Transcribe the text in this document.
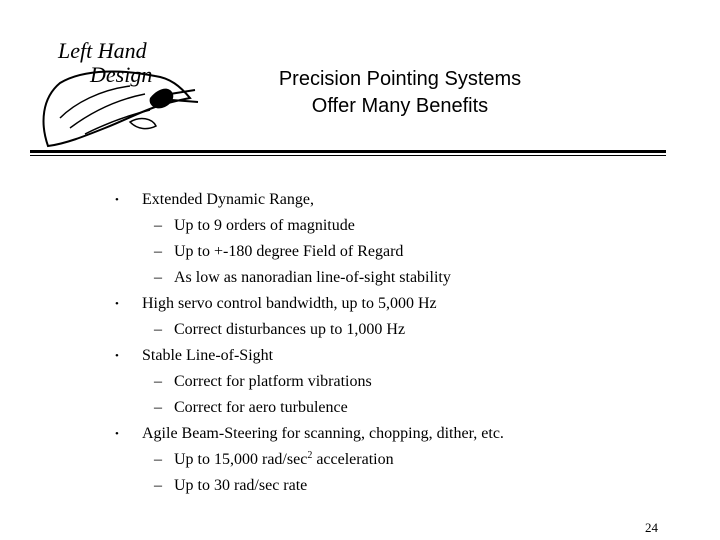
Left Hand
Design	Precision Pointing Systems
Offer Many Benefits
• Extended Dynamic Range,
– Up to 9 orders of magnitude
– Up to +-180 degree Field of Regard
– As low as nanoradian line-of-sight stability
• High servo control bandwidth, up to 5,000 Hz
– Correct disturbances up to 1,000 Hz
• Stable Line-of-Sight
– Correct for platform vibrations
– Correct for aero turbulence
• Agile Beam-Steering for scanning, chopping, dither, etc.
– Up to 15,000 rad/$\sec^2$ acceleration
– Up to 30 rad/sec rate
24
